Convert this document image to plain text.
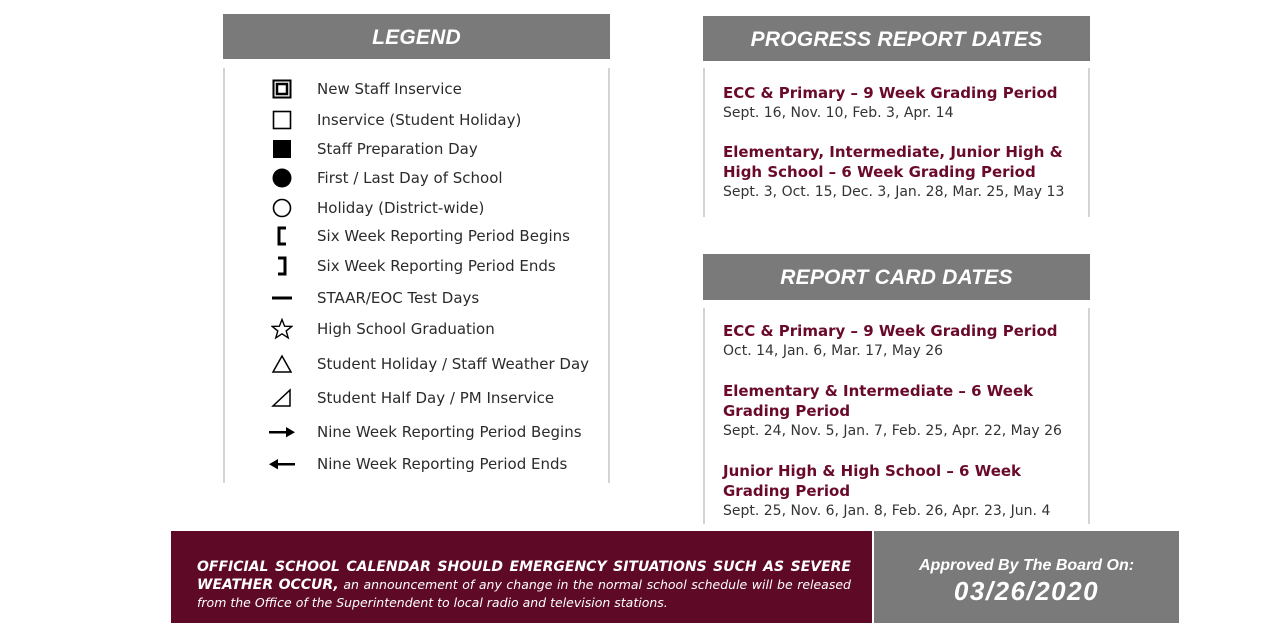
LEGEND
New Staff Inservice
Inservice (Student Holiday)
Staff Preparation Day
First / Last Day of School
Holiday (District-wide)
Six Week Reporting Period Begins
Six Week Reporting Period Ends
STAAR/EOC Test Days
High School Graduation
Student Holiday / Staff Weather Day
Student Half Day / PM Inservice
Nine Week Reporting Period Begins
Nine Week Reporting Period Ends
PROGRESS REPORT DATES
ECC & Primary – 9 Week Grading Period
Sept. 16, Nov. 10, Feb. 3, Apr. 14
Elementary, Intermediate, Junior High & High School – 6 Week Grading Period
Sept. 3, Oct. 15, Dec. 3, Jan. 28, Mar. 25, May 13
REPORT CARD DATES
ECC & Primary – 9 Week Grading Period
Oct. 14, Jan. 6, Mar. 17, May 26
Elementary & Intermediate – 6 Week Grading Period
Sept. 24, Nov. 5, Jan. 7, Feb. 25, Apr. 22, May 26
Junior High & High School – 6 Week Grading Period
Sept. 25, Nov. 6, Jan. 8, Feb. 26, Apr. 23, Jun. 4
OFFICIAL SCHOOL CALENDAR SHOULD EMERGENCY SITUATIONS SUCH AS SEVERE WEATHER OCCUR, an announcement of any change in the normal school schedule will be released from the Office of the Superintendent to local radio and television stations.
Approved By The Board On:
03/26/2020
